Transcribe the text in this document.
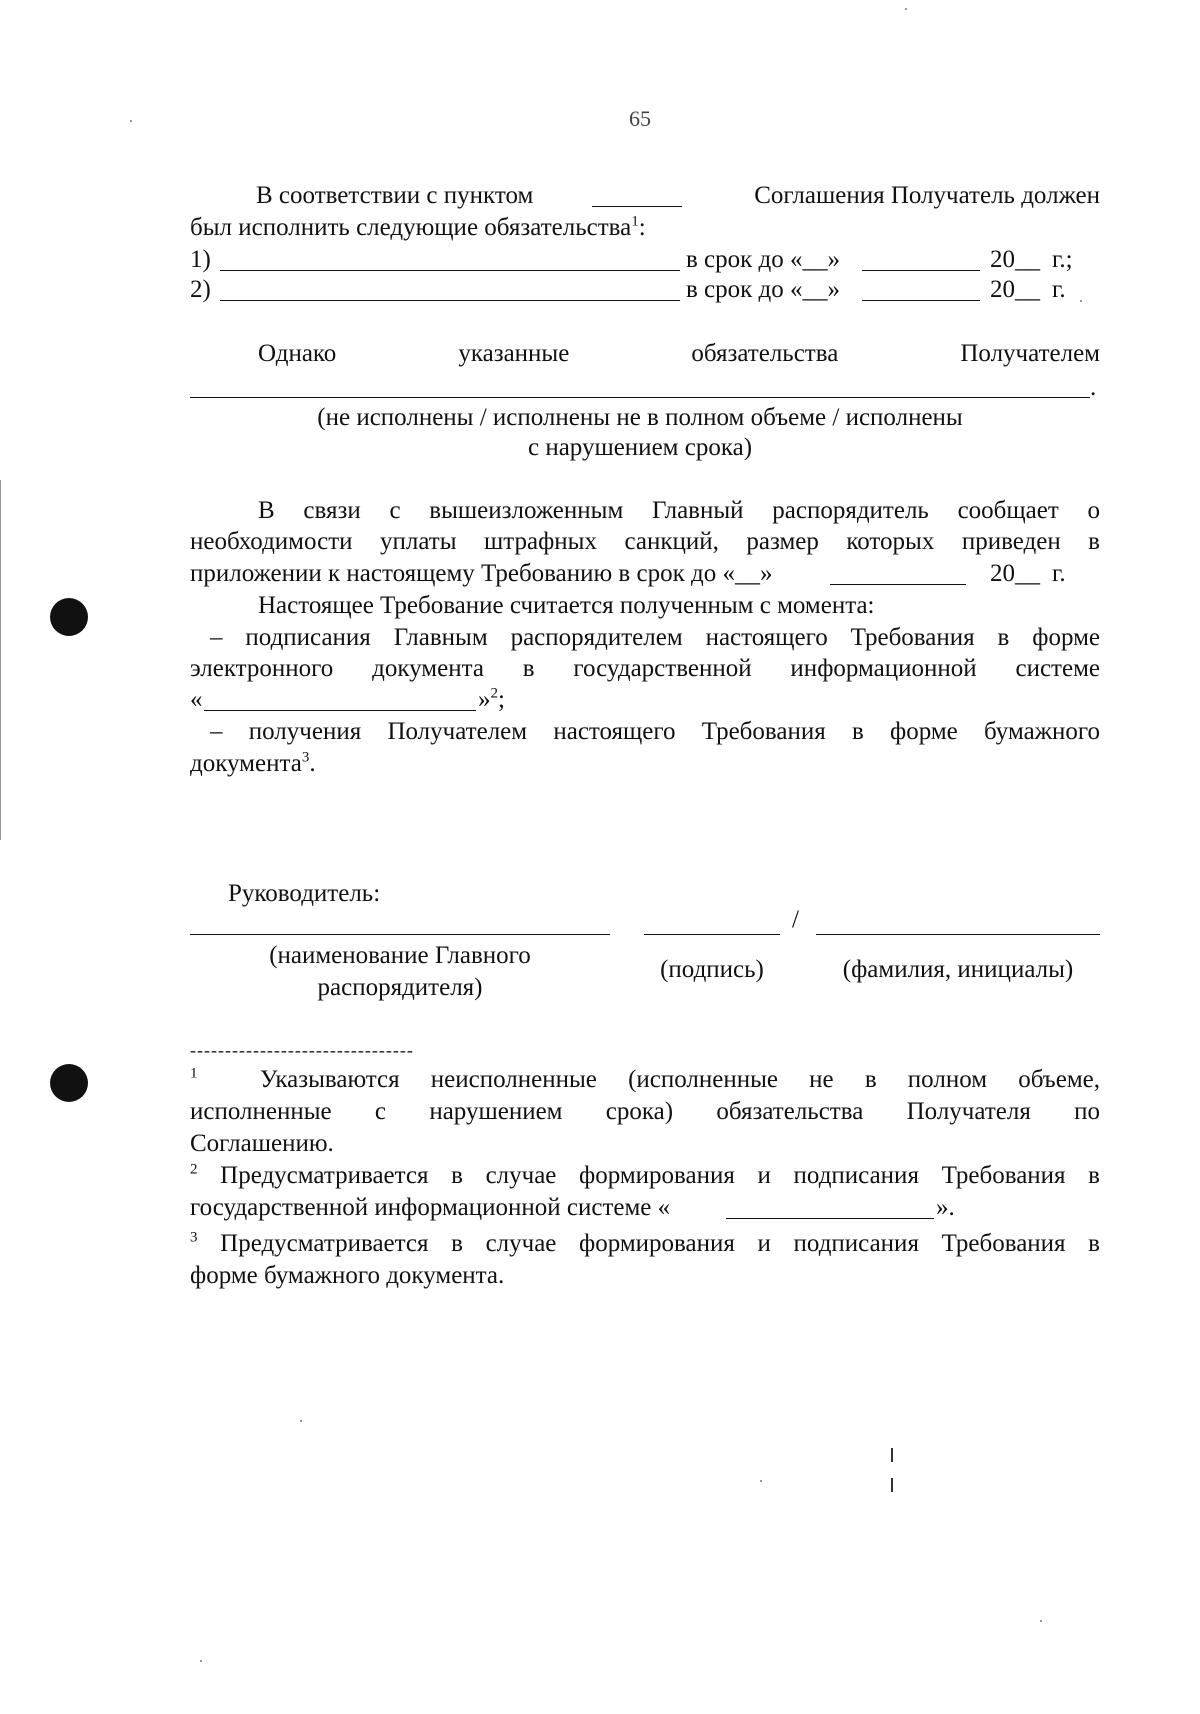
65
В соответствии с пунктом	Соглашения Получатель должен
был исполнить следующие обязательства$^1$:
1)	в срок до «__»	20__ г.;
2)	в срок до «__»	20__ г.
Однако	указанные	обязательства	Получателем
.
(не исполнены / исполнены не в полном объеме / исполнены
с нарушением срока)
В связи с вышеизложенным Главный распорядитель сообщает о
необходимости уплаты штрафных санкций, размер которых приведен в
приложении к настоящему Требованию в срок до «__»	20__ г.
Настоящее Требование считается полученным с момента:
– подписания Главным распорядителем настоящего Требования в форме
электронного документа в государственной информационной системе
«	»$^2$;
– получения Получателем настоящего Требования в форме бумажного
документа$^3$.
Руководитель:
/
(наименование Главного
распорядителя)
(подпись)	(фамилия, инициалы)
--------------------------------
$^1$ Указываются неисполненные (исполненные не в полном объеме,
исполненные с нарушением срока) обязательства Получателя по
Соглашению.
$^2$ Предусматривается в случае формирования и подписания Требования в
государственной информационной системе «	».
$^3$ Предусматривается в случае формирования и подписания Требования в
форме бумажного документа.
